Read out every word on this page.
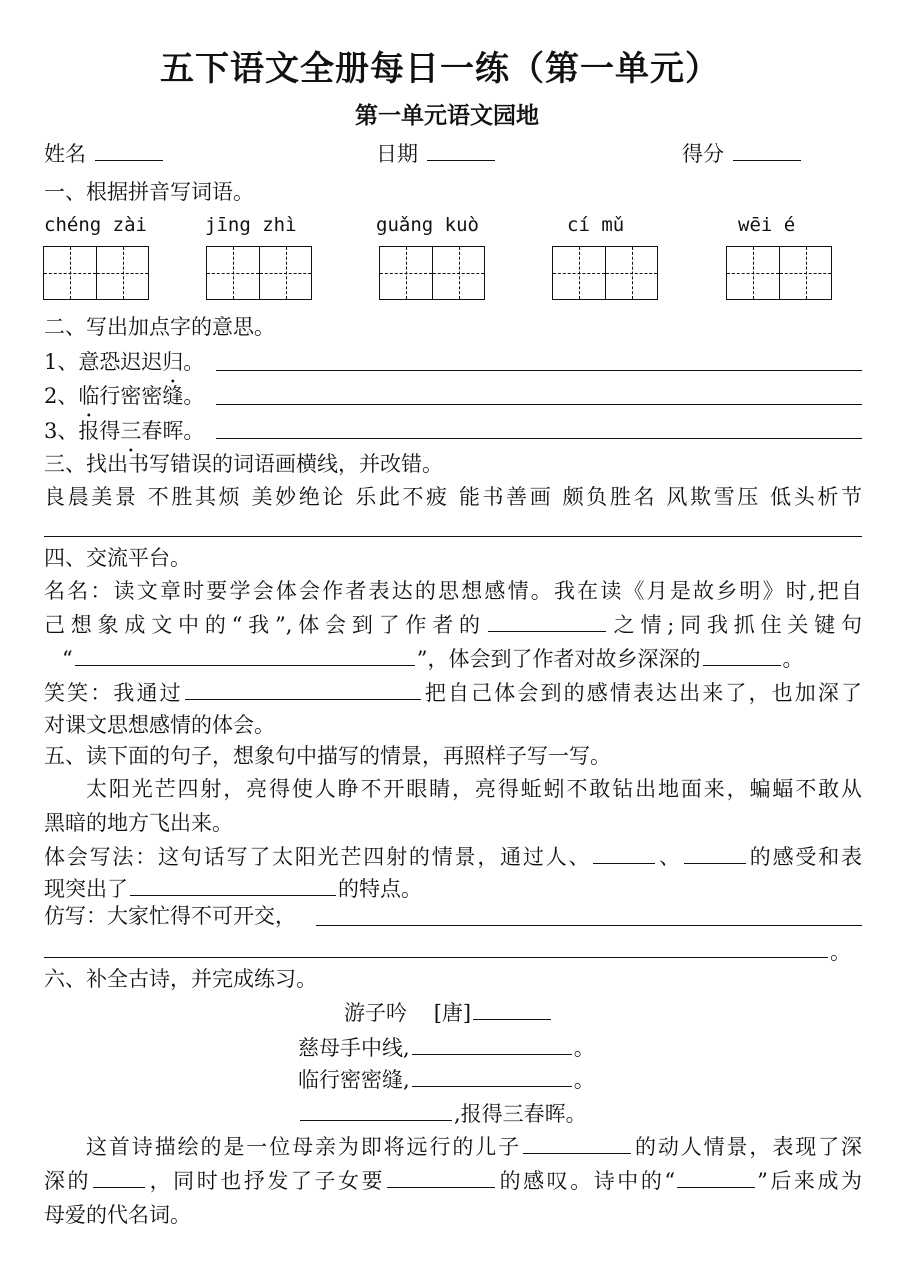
五下语文全册每日一练（第一单元）
第一单元语文园地
姓名	日期	得分
一、根据拼音写词语。
chéng zài	jīng zhì	guǎng kuò	cí mǔ	wēi é
二、写出加点字的意思。
1、意恐迟迟归。
2、临行密密缝。
3、报得三春晖。
三、找出书写错误的词语画横线，并改错。
良晨美景 不胜其烦 美妙绝论 乐此不疲 能书善画 颇负胜名 风欺雪压 低头析节
四、交流平台。
名名：读文章时要学会体会作者表达的思想感情。我在读《月是故乡明》时,把自
己想象成文中的“我”,体会到了作者的	之情;同我抓住关键句
“	”，体会到了作者对故乡深深的	。
笑笑：我通过	把自己体会到的感情表达出来了，也加深了
对课文思想感情的体会。
五、读下面的句子，想象句中描写的情景，再照样子写一写。
太阳光芒四射，亮得使人睁不开眼睛，亮得蚯蚓不敢钻出地面来，蝙蝠不敢从
黑暗的地方飞出来。
体会写法：这句话写了太阳光芒四射的情景，通过人、	、	的感受和表
现突出了	的特点。
仿写：大家忙得不可开交，
。
六、补全古诗，并完成练习。
游子吟 [唐]
慈母手中线,	。
临行密密缝,	。
,报得三春晖。
这首诗描绘的是一位母亲为即将远行的儿子	的动人情景，表现了深
深的	，同时也抒发了子女要	的感叹。诗中的“	”后来成为
母爱的代名词。
